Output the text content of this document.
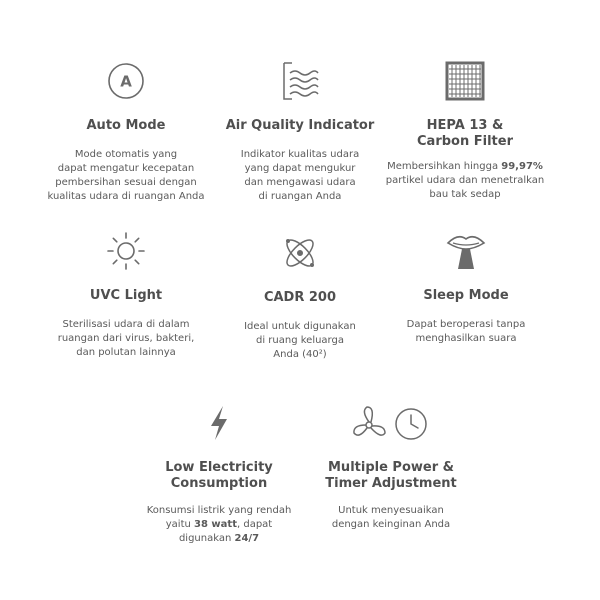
A
Auto Mode
Mode otomatis yang
dapat mengatur kecepatan
pembersihan sesuai dengan
kualitas udara di ruangan Anda
Air Quality Indicator
Indikator kualitas udara
yang dapat mengukur
dan mengawasi udara
di ruangan Anda
HEPA 13 &
Carbon Filter
Membersihkan hingga 99,97%
partikel udara dan menetralkan
bau tak sedap
UVC Light
Sterilisasi udara di dalam
ruangan dari virus, bakteri,
dan polutan lainnya
CADR 200
Ideal untuk digunakan
di ruang keluarga
Anda (40²)
Sleep Mode
Dapat beroperasi tanpa
menghasilkan suara
Low Electricity
Consumption
Konsumsi listrik yang rendah
yaitu 38 watt, dapat
digunakan 24/7
Multiple Power &
Timer Adjustment
Untuk menyesuaikan
dengan keinginan Anda
